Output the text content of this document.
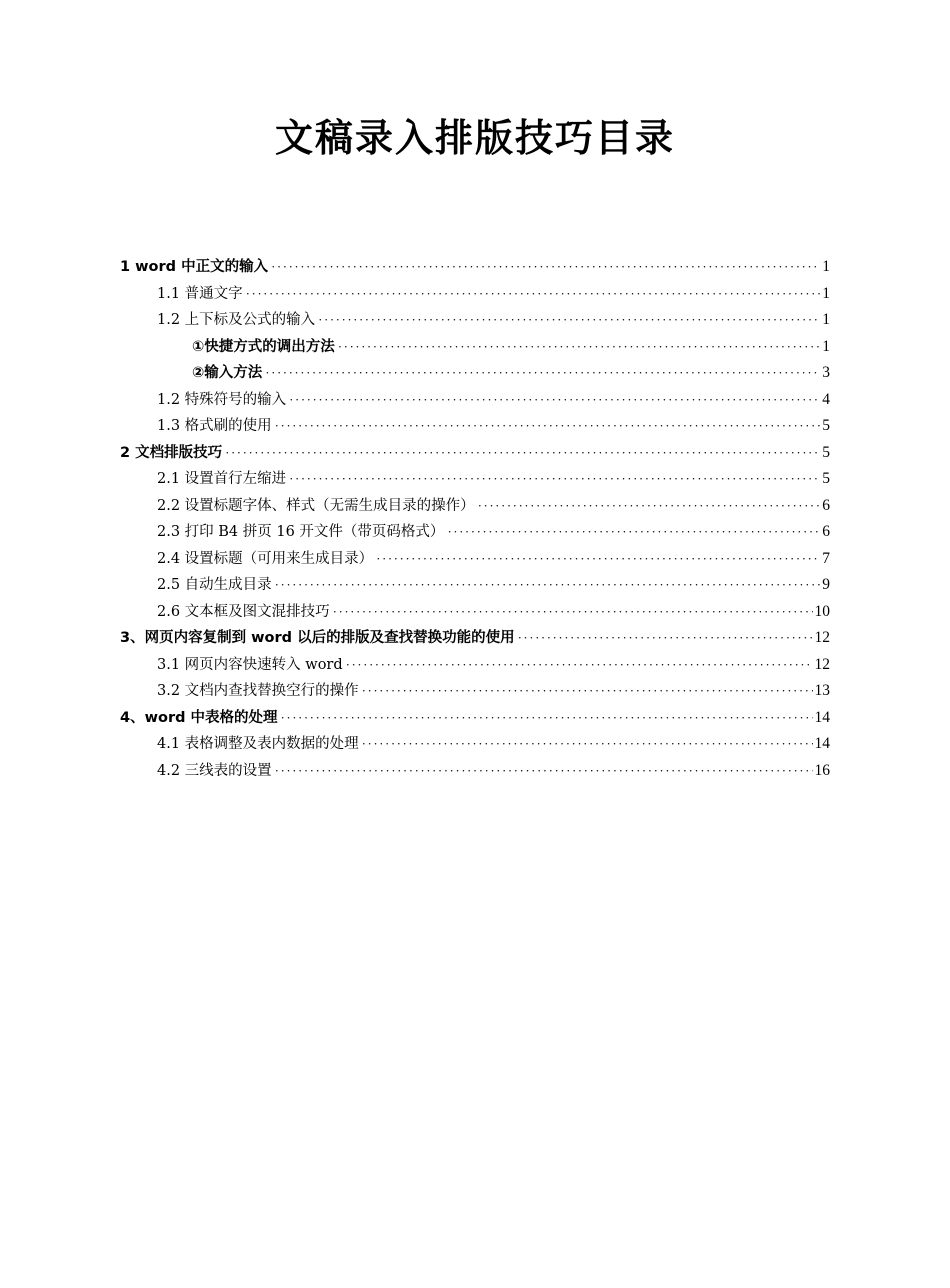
文稿录入排版技巧目录
1 word 中正文的输入 ·····	1
1.1 普通文字 ·····	1
1.2 上下标及公式的输入 ·····	1
①快捷方式的调出方法 ·····	1
②输入方法 ·····	3
1.2 特殊符号的输入 ·····	4
1.3 格式刷的使用 ·····	5
2 文档排版技巧 ·····	5
2.1 设置首行左缩进 ·····	5
2.2 设置标题字体、样式（无需生成目录的操作） ·····	6
2.3 打印 B4 拼页 16 开文件（带页码格式） ·····	6
2.4 设置标题（可用来生成目录） ·····	7
2.5 自动生成目录 ·····	9
2.6 文本框及图文混排技巧 ·····	10
3、网页内容复制到 word 以后的排版及查找替换功能的使用 ·····	12
3.1 网页内容快速转入 word ·····	12
3.2 文档内查找替换空行的操作 ·····	13
4、word 中表格的处理 ·····	14
4.1 表格调整及表内数据的处理 ·····	14
4.2 三线表的设置 ·····	16
